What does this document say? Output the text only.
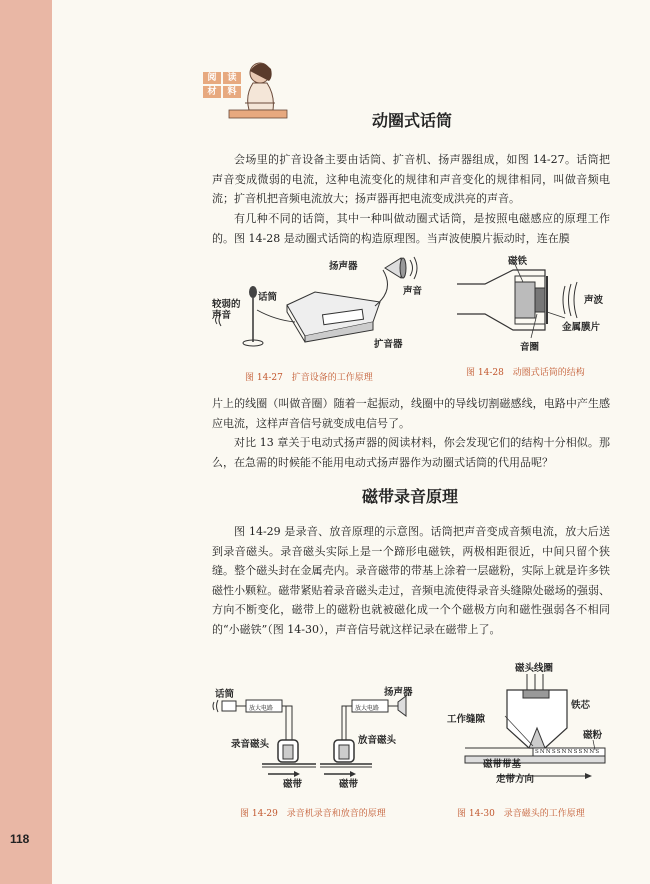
118
阅	读
材	料
动圈式话筒

会场里的扩音设备主要由话筒、扩音机、扬声器组成，如图 14-27。话筒把声音变成微弱的电流，这种电流变化的规律和声音变化的规律相同，叫做音频电流；扩音机把音频电流放大；扬声器再把电流变成洪亮的声音。

有几种不同的话筒，其中一种叫做动圈式话筒，是按照电磁感应的原理工作的。图 14-28 是动圈式话筒的构造原理图。当声波使膜片振动时，连在膜

扬声器
声音
话筒
较弱的
声音
扩音器
图 14-27　扩音设备的工作原理
磁铁
声波
金属膜片
音圈
图 14-28　动圈式话筒的结构

片上的线圈（叫做音圈）随着一起振动，线圈中的导线切割磁感线，电路中产生感应电流，这样声音信号就变成电信号了。

对比 13 章关于电动式扬声器的阅读材料，你会发现它们的结构十分相似。那么，在急需的时候能不能用电动式扬声器作为动圈式话筒的代用品呢？

磁带录音原理

图 14-29 是录音、放音原理的示意图。话筒把声音变成音频电流，放大后送到录音磁头。录音磁头实际上是一个蹄形电磁铁，两极相距很近，中间只留个狭缝。整个磁头封在金属壳内。录音磁带的带基上涂着一层磁粉，实际上就是许多铁磁性小颗粒。磁带紧贴着录音磁头走过，音频电流使得录音头缝隙处磁场的强弱、方向不断变化，磁带上的磁粉也就被磁化成一个个磁极方向和磁性强弱各不相同的“小磁铁”（图 14-30），声音信号就这样记录在磁带上了。

话筒	扬声器
放大电路	放大电路
录音磁头	放音磁头
磁带	磁带
图 14-29　录音机录音和放音的原理
磁头线圈
铁芯
工作缝隙
磁粉
S N N S S N N S S N N S
磁带带基
走带方向
图 14-30　录音磁头的工作原理
